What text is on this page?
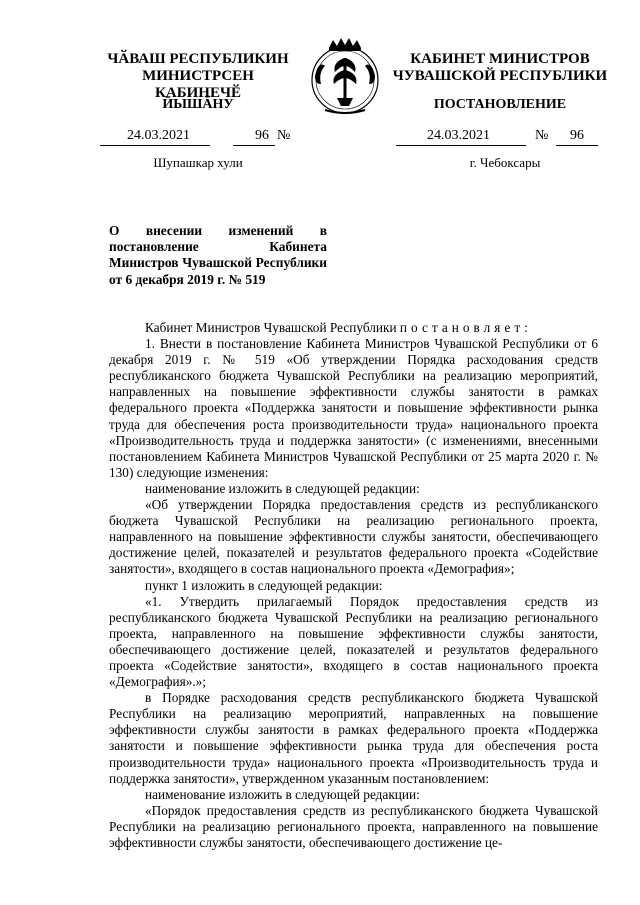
ЧӐВАШ РЕСПУБЛИКИН МИНИСТРСЕН КАБИНЕЧӖ
КАБИНЕТ МИНИСТРОВ ЧУВАШСКОЙ РЕСПУБЛИКИ
ЙЫШӐНУ	ПОСТАНОВЛЕНИЕ
24.03.2021	96 №	24.03.2021	№ 96
Шупашкар хули	г. Чебоксары
О внесении изменений в постановление Кабинета Министров Чувашской Республики от 6 декабря 2019 г. № 519

Кабинет Министров Чувашской Республики постановляет:

1. Внести в постановление Кабинета Министров Чувашской Республики от 6 декабря 2019 г. № 519 «Об утверждении Порядка расходования средств республиканского бюджета Чувашской Республики на реализацию мероприятий, направленных на повышение эффективности службы занятости в рамках федерального проекта «Поддержка занятости и повышение эффективности рынка труда для обеспечения роста производительности труда» национального проекта «Производительность труда и поддержка занятости» (с изменениями, внесенными постановлением Кабинета Министров Чувашской Республики от 25 марта 2020 г. № 130) следующие изменения:

наименование изложить в следующей редакции:

«Об утверждении Порядка предоставления средств из республиканского бюджета Чувашской Республики на реализацию регионального проекта, направленного на повышение эффективности службы занятости, обеспечивающего достижение целей, показателей и результатов федерального проекта «Содействие занятости», входящего в состав национального проекта «Демография»;

пункт 1 изложить в следующей редакции:

«1. Утвердить прилагаемый Порядок предоставления средств из республиканского бюджета Чувашской Республики на реализацию регионального проекта, направленного на повышение эффективности службы занятости, обеспечивающего достижение целей, показателей и результатов федерального проекта «Содействие занятости», входящего в состав национального проекта «Демография».»;

в Порядке расходования средств республиканского бюджета Чувашской Республики на реализацию мероприятий, направленных на повышение эффективности службы занятости в рамках федерального проекта «Поддержка занятости и повышение эффективности рынка труда для обеспечения роста производительности труда» национального проекта «Производительность труда и поддержка занятости», утвержденном указанным постановлением:

наименование изложить в следующей редакции:

«Порядок предоставления средств из республиканского бюджета Чувашской Республики на реализацию регионального проекта, направленного на повышение эффективности службы занятости, обеспечивающего достижение це-
